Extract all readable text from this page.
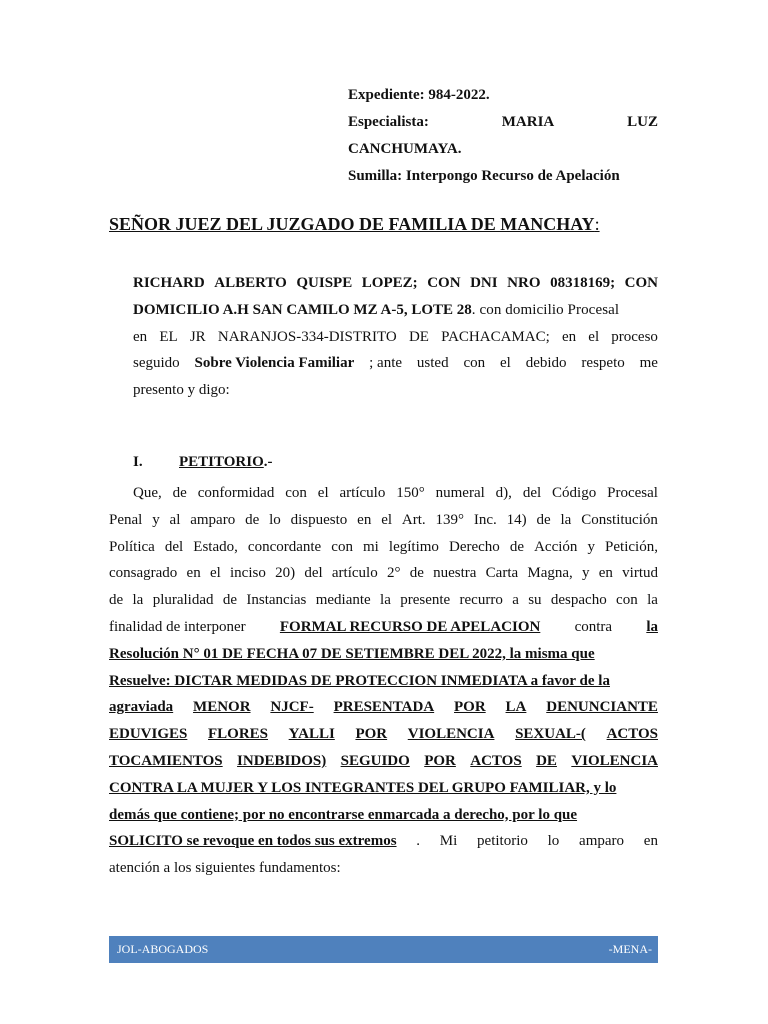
Expediente: 984-2022.
Especialista:	MARIA	LUZ
CANCHUMAYA.
Sumilla: Interpongo Recurso de Apelación
SEÑOR JUEZ DEL JUZGADO DE FAMILIA DE MANCHAY:
RICHARD ALBERTO QUISPE LOPEZ; CON DNI NRO 08318169; CON
DOMICILIO A.H SAN CAMILO MZ A-5, LOTE 28 . con domicilio Procesal
en EL JR NARANJOS-334-DISTRITO DE PACHACAMAC; en el proceso
seguido Sobre Violencia Familiar ; ante usted con el debido respeto me
presento y digo:
I. PETITORIO.-
Que, de conformidad con el artículo 150° numeral d), del Código Procesal
Penal y al amparo de lo dispuesto en el Art. 139° Inc. 14) de la Constitución
Política del Estado, concordante con mi legítimo Derecho de Acción y Petición,
consagrado en el inciso 20) del artículo 2° de nuestra Carta Magna, y en virtud
de la pluralidad de Instancias mediante la presente recurro a su despacho con la
finalidad de interponer FORMAL RECURSO DE APELACION contra la
Resolución N° 01 DE FECHA 07 DE SETIEMBRE DEL 2022, la misma que
Resuelve: DICTAR MEDIDAS DE PROTECCION INMEDIATA a favor de la
agraviada MENOR NJCF- PRESENTADA POR LA DENUNCIANTE
EDUVIGES FLORES YALLI POR VIOLENCIA SEXUAL-( ACTOS
TOCAMIENTOS INDEBIDOS) SEGUIDO POR ACTOS DE VIOLENCIA
CONTRA LA MUJER Y LOS INTEGRANTES DEL GRUPO FAMILIAR, y lo
demás que contiene; por no encontrarse enmarcada a derecho, por lo que
SOLICITO se revoque en todos sus extremos . Mi petitorio lo amparo en
atención a los siguientes fundamentos:
JOL-ABOGADOS	-MENA-
